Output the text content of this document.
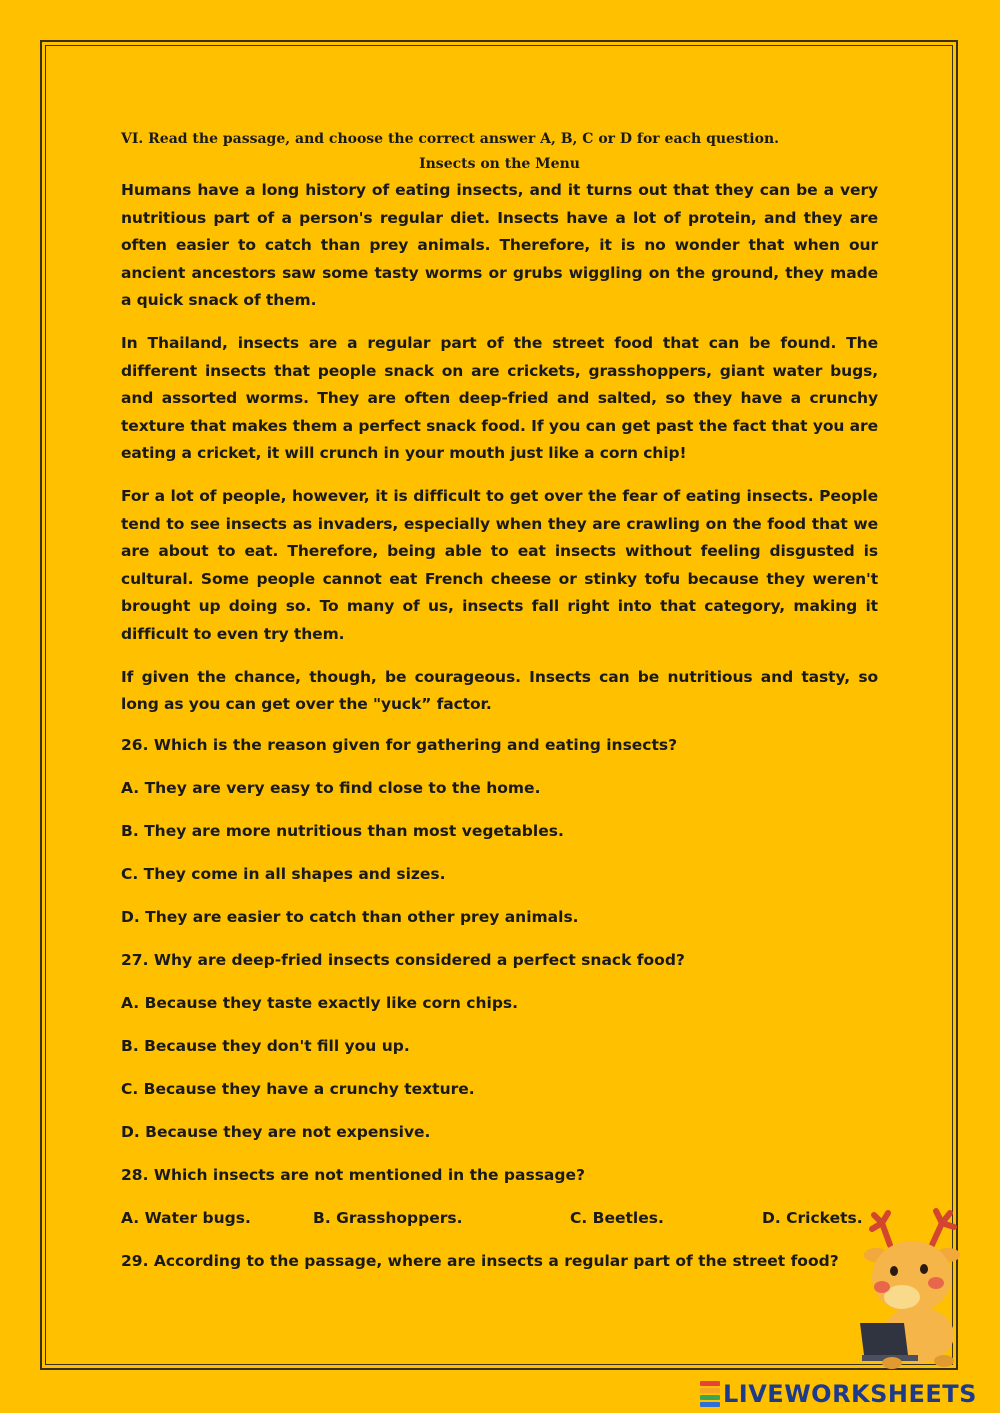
VI. Read the passage, and choose the correct answer A, B, C or D for each question.

Insects on the Menu

Humans have a long history of eating insects, and it turns out that they can be a very nutritious part of a person's regular diet. Insects have a lot of protein, and they are often easier to catch than prey animals. Therefore, it is no wonder that when our ancient ancestors saw some tasty worms or grubs wiggling on the ground, they made a quick snack of them.

In Thailand, insects are a regular part of the street food that can be found. The different insects that people snack on are crickets, grasshoppers, giant water bugs, and assorted worms. They are often deep-fried and salted, so they have a crunchy texture that makes them a perfect snack food. If you can get past the fact that you are eating a cricket, it will crunch in your mouth just like a corn chip!

For a lot of people, however, it is difficult to get over the fear of eating insects. People tend to see insects as invaders, especially when they are crawling on the food that we are about to eat. Therefore, being able to eat insects without feeling disgusted is cultural. Some people cannot eat French cheese or stinky tofu because they weren't brought up doing so. To many of us, insects fall right into that category, making it difficult to even try them.

If given the chance, though, be courageous. Insects can be nutritious and tasty, so long as you can get over the "yuck” factor.

26. Which is the reason given for gathering and eating insects?

A. They are very easy to find close to the home.

B. They are more nutritious than most vegetables.

C. They come in all shapes and sizes.

D. They are easier to catch than other prey animals.

27. Why are deep-fried insects considered a perfect snack food?

A. Because they taste exactly like corn chips.

B. Because they don't fill you up.

C. Because they have a crunchy texture.

D. Because they are not expensive.

28. Which insects are not mentioned in the passage?

A. Water bugs.	B. Grasshoppers.	C. Beetles.	D. Crickets.

29. According to the passage, where are insects a regular part of the street food?

LIVEWORKSHEETS
